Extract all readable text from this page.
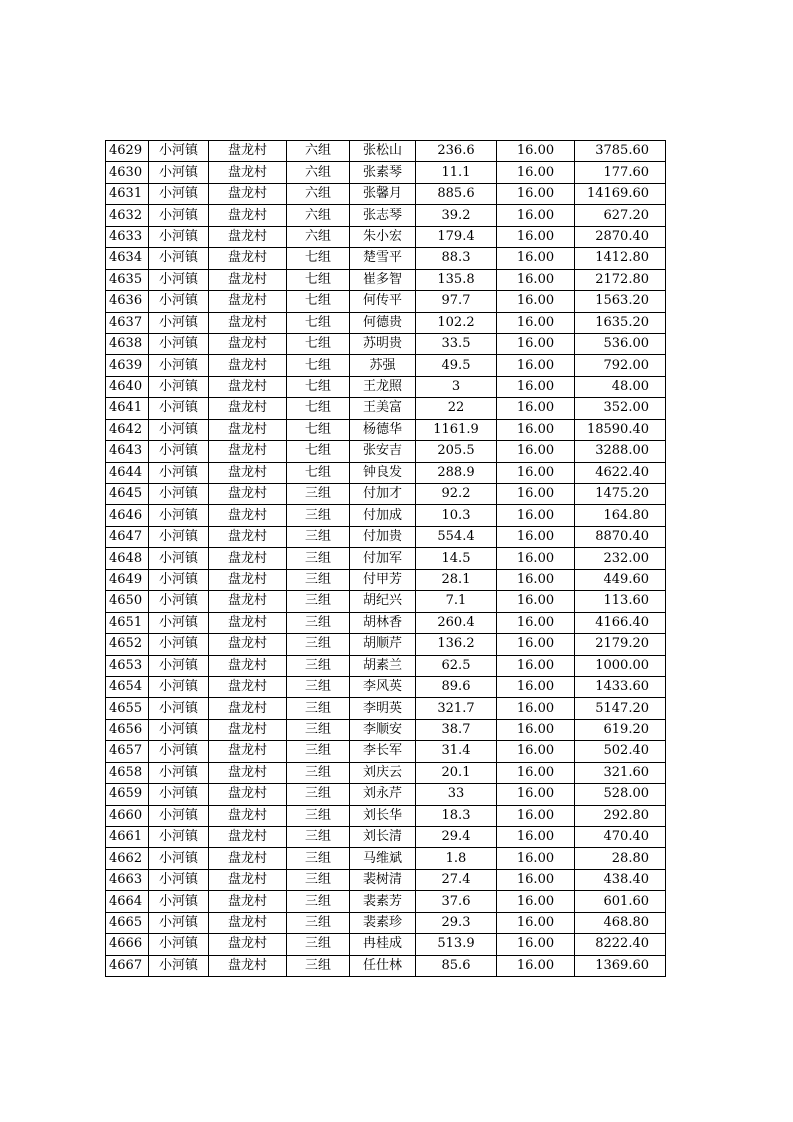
4629	小河镇	盘龙村	六组	张松山	236.6	16.00	3785.60
4630	小河镇	盘龙村	六组	张素琴	11.1	16.00	177.60
4631	小河镇	盘龙村	六组	张馨月	885.6	16.00	14169.60
4632	小河镇	盘龙村	六组	张志琴	39.2	16.00	627.20
4633	小河镇	盘龙村	六组	朱小宏	179.4	16.00	2870.40
4634	小河镇	盘龙村	七组	楚雪平	88.3	16.00	1412.80
4635	小河镇	盘龙村	七组	崔多智	135.8	16.00	2172.80
4636	小河镇	盘龙村	七组	何传平	97.7	16.00	1563.20
4637	小河镇	盘龙村	七组	何德贵	102.2	16.00	1635.20
4638	小河镇	盘龙村	七组	苏明贵	33.5	16.00	536.00
4639	小河镇	盘龙村	七组	苏强	49.5	16.00	792.00
4640	小河镇	盘龙村	七组	王龙照	3	16.00	48.00
4641	小河镇	盘龙村	七组	王美富	22	16.00	352.00
4642	小河镇	盘龙村	七组	杨德华	1161.9	16.00	18590.40
4643	小河镇	盘龙村	七组	张安吉	205.5	16.00	3288.00
4644	小河镇	盘龙村	七组	钟良发	288.9	16.00	4622.40
4645	小河镇	盘龙村	三组	付加才	92.2	16.00	1475.20
4646	小河镇	盘龙村	三组	付加成	10.3	16.00	164.80
4647	小河镇	盘龙村	三组	付加贵	554.4	16.00	8870.40
4648	小河镇	盘龙村	三组	付加军	14.5	16.00	232.00
4649	小河镇	盘龙村	三组	付甲芳	28.1	16.00	449.60
4650	小河镇	盘龙村	三组	胡纪兴	7.1	16.00	113.60
4651	小河镇	盘龙村	三组	胡林香	260.4	16.00	4166.40
4652	小河镇	盘龙村	三组	胡顺芹	136.2	16.00	2179.20
4653	小河镇	盘龙村	三组	胡素兰	62.5	16.00	1000.00
4654	小河镇	盘龙村	三组	李风英	89.6	16.00	1433.60
4655	小河镇	盘龙村	三组	李明英	321.7	16.00	5147.20
4656	小河镇	盘龙村	三组	李顺安	38.7	16.00	619.20
4657	小河镇	盘龙村	三组	李长军	31.4	16.00	502.40
4658	小河镇	盘龙村	三组	刘庆云	20.1	16.00	321.60
4659	小河镇	盘龙村	三组	刘永芹	33	16.00	528.00
4660	小河镇	盘龙村	三组	刘长华	18.3	16.00	292.80
4661	小河镇	盘龙村	三组	刘长清	29.4	16.00	470.40
4662	小河镇	盘龙村	三组	马维斌	1.8	16.00	28.80
4663	小河镇	盘龙村	三组	裴树清	27.4	16.00	438.40
4664	小河镇	盘龙村	三组	裴素芳	37.6	16.00	601.60
4665	小河镇	盘龙村	三组	裴素珍	29.3	16.00	468.80
4666	小河镇	盘龙村	三组	冉桂成	513.9	16.00	8222.40
4667	小河镇	盘龙村	三组	任仕林	85.6	16.00	1369.60
